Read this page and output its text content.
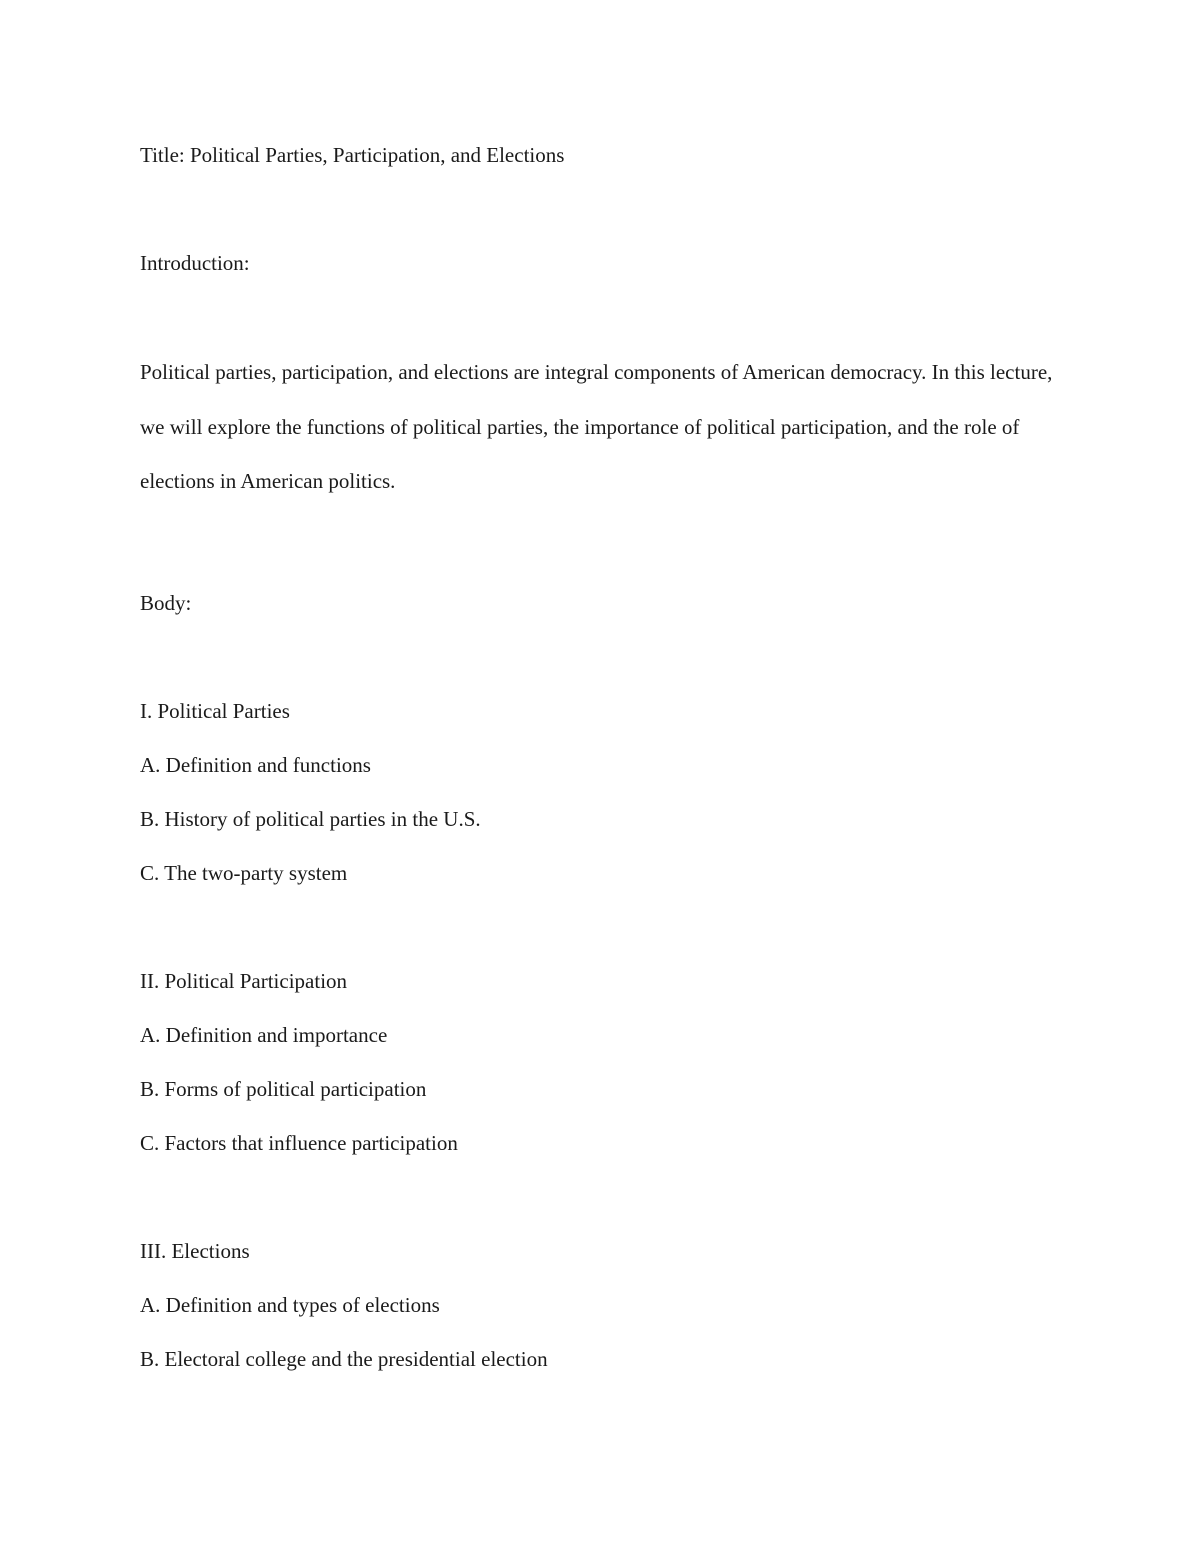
Title: Political Parties, Participation, and Elections

Introduction:

Political parties, participation, and elections are integral components of American democracy. In this lecture, we will explore the functions of political parties, the importance of political participation, and the role of elections in American politics.

Body:

I. Political Parties

A. Definition and functions

B. History of political parties in the U.S.

C. The two-party system

II. Political Participation

A. Definition and importance

B. Forms of political participation

C. Factors that influence participation

III. Elections

A. Definition and types of elections

B. Electoral college and the presidential election
